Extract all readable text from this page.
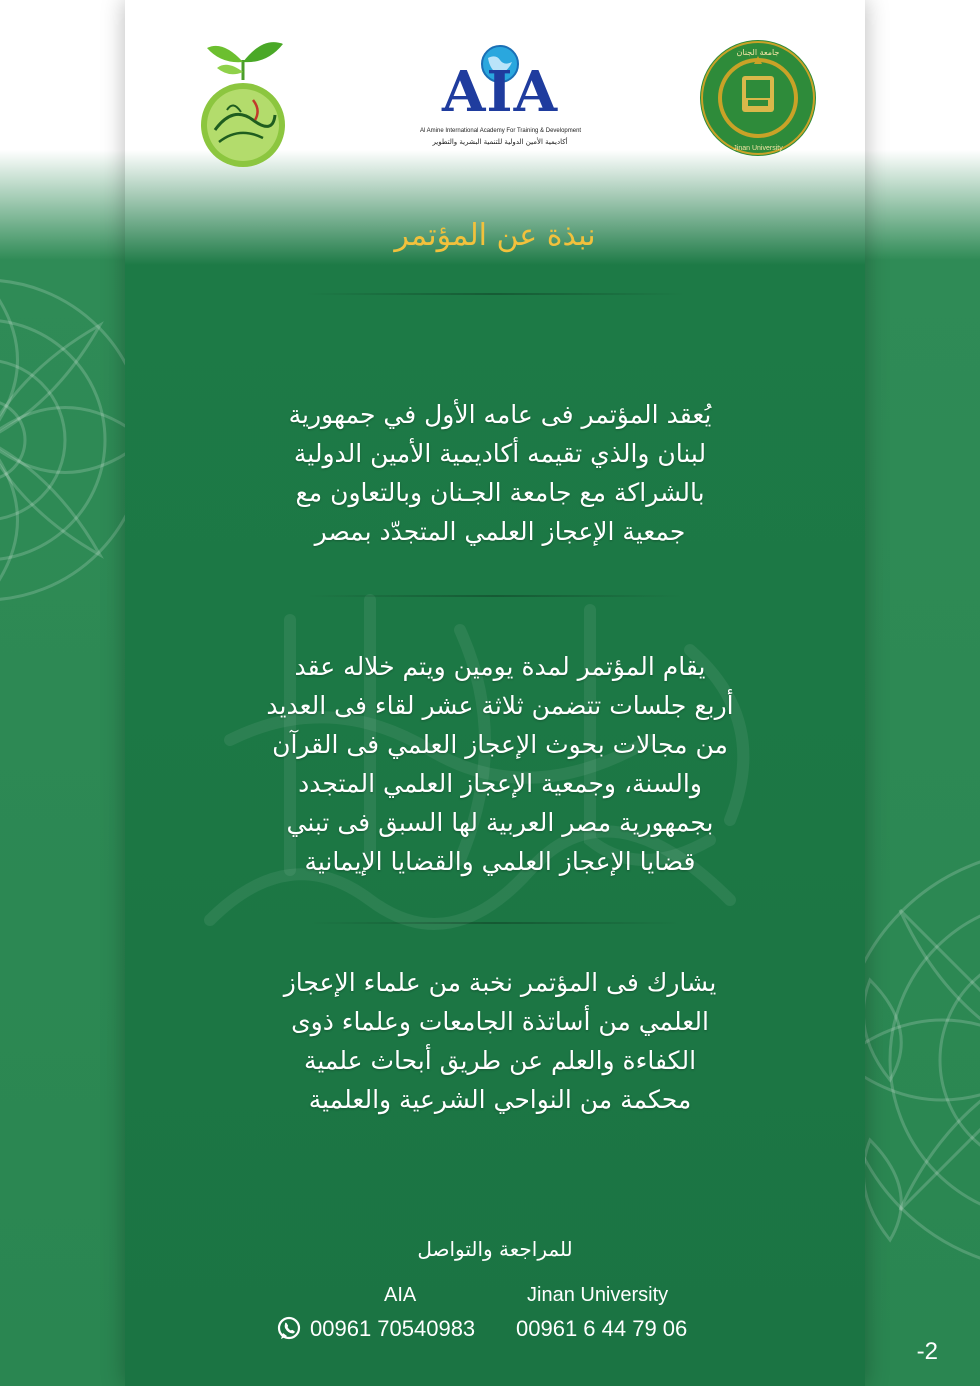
AIA
Al Amine International Academy For Training & Development
أكاديمية الأمين الدولية للتنمية البشرية والتطوير
جامعة الجنان
Jinan University
نبذة عن المؤتمر
يُعقد المؤتمر فى عامه الأول في جمهورية
لبنان والذي تقيمه أكاديمية الأمين الدولية
بالشراكة مع جامعة الجـنان وبالتعاون مع
جمعية الإعجاز العلمي المتجدّد بمصر
يقام المؤتمر لمدة يومين ويتم خلاله عقد
أربع جلسات تتضمن ثلاثة عشر لقاء فى العديد
من مجالات بحوث الإعجاز العلمي فى القرآن
والسنة، وجمعية الإعجاز العلمي المتجدد
بجمهورية مصر العربية لها السبق فى تبني
قضايا الإعجاز العلمي والقضايا الإيمانية
يشارك فى المؤتمر نخبة من علماء الإعجاز
العلمي من أساتذة الجامعات وعلماء ذوى
الكفاءة والعلم عن طريق أبحاث علمية
محكمة من النواحي الشرعية والعلمية
للمراجعة والتواصل
AIA	Jinan University
00961 70540983 00961 6 44 79 06
-2
